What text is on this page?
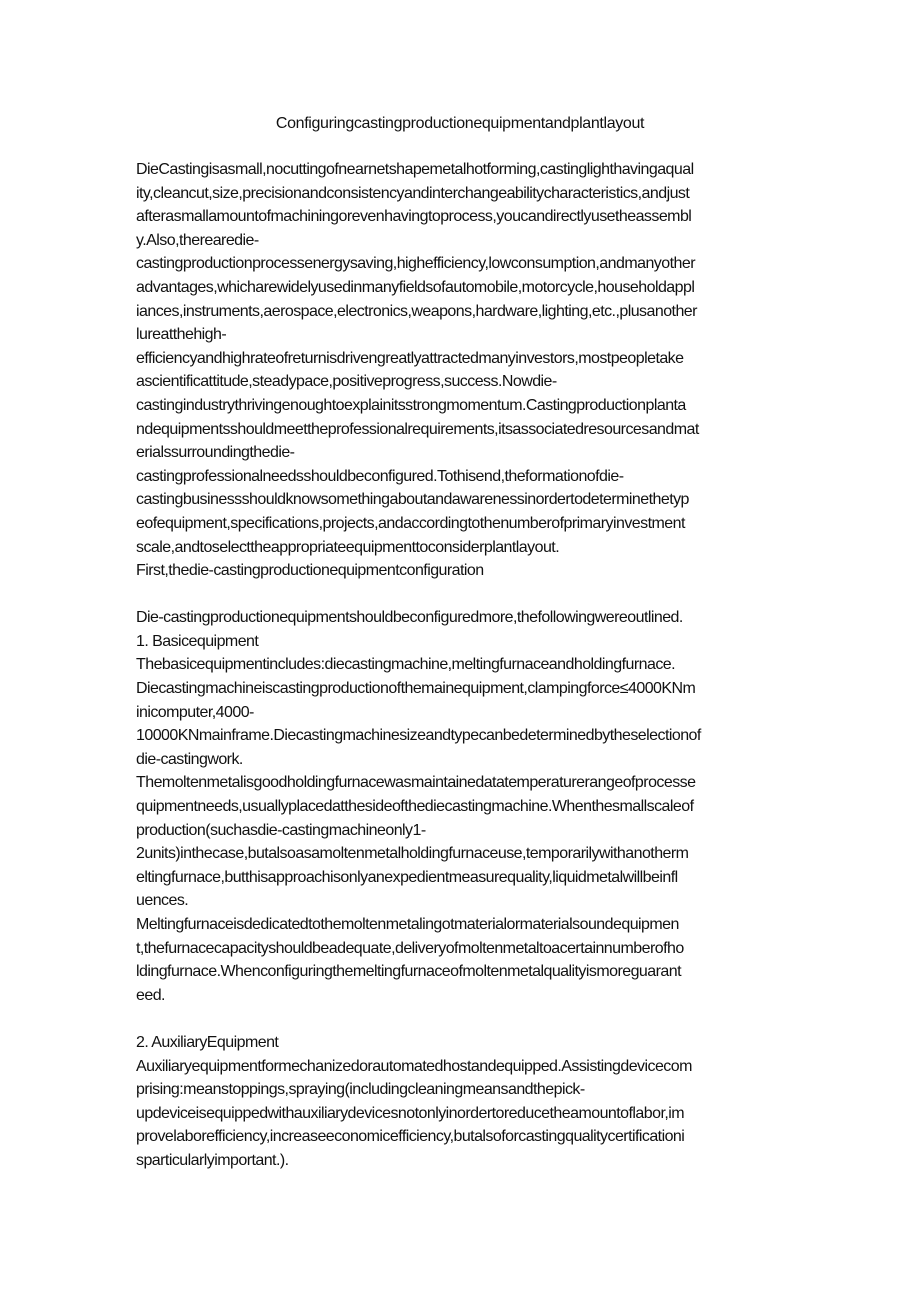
Configuringcastingproductionequipmentandplantlayout
DieCastingisasmall,nocuttingofnearnetshapemetalhotforming,castinglighthavingaqual
ity,cleancut,size,precisionandconsistencyandinterchangeabilitycharacteristics,andjust
afterasmallamountofmachiningorevenhavingtoprocess,youcandirectlyusetheassembl
y.Also,therearedie-
castingproductionprocessenergysaving,highefficiency,lowconsumption,andmanyother
advantages,whicharewidelyusedinmanyfieldsofautomobile,motorcycle,householdappl
iances,instruments,aerospace,electronics,weapons,hardware,lighting,etc.,plusanother
lureatthehigh-
efficiencyandhighrateofreturnisdrivengreatlyattractedmanyinvestors,mostpeopletake
ascientificattitude,steadypace,positiveprogress,success.Nowdie-
castingindustrythrivingenoughtoexplainitsstrongmomentum.Castingproductionplanta
ndequipmentsshouldmeettheprofessionalrequirements,itsassociatedresourcesandmat
erialssurroundingthedie-
castingprofessionalneedsshouldbeconfigured.Tothisend,theformationofdie-
castingbusinessshouldknowsomethingaboutandawarenessinordertodeterminethetyp
eofequipment,specifications,projects,andaccordingtothenumberofprimaryinvestment
scale,andtoselecttheappropriateequipmenttoconsiderplantlayout.
First,thedie-castingproductionequipmentconfiguration
Die-castingproductionequipmentshouldbeconfiguredmore,thefollowingwereoutlined.
1. Basicequipment
Thebasicequipmentincludes:diecastingmachine,meltingfurnaceandholdingfurnace.
Diecastingmachineiscastingproductionofthemainequipment,clampingforce≤4000KNm
inicomputer,4000-
10000KNmainframe.Diecastingmachinesizeandtypecanbedeterminedbytheselectionof
die-castingwork.
Themoltenmetalisgoodholdingfurnacewasmaintainedatatemperaturerangeofprocesse
quipmentneeds,usuallyplacedatthesideofthediecastingmachine.Whenthesmallscaleof
production(suchasdie-castingmachineonly1-
2units)inthecase,butalsoasamoltenmetalholdingfurnaceuse,temporarilywithanotherm
eltingfurnace,butthisapproachisonlyanexpedientmeasurequality,liquidmetalwillbeinfl
uences.
Meltingfurnaceisdedicatedtothemoltenmetalingotmaterialormaterialsoundequipmen
t,thefurnacecapacityshouldbeadequate,deliveryofmoltenmetaltoacertainnumberofho
ldingfurnace.Whenconfiguringthemeltingfurnaceofmoltenmetalqualityismoreguarant
eed.
2. AuxiliaryEquipment
Auxiliaryequipmentformechanizedorautomatedhostandequipped.Assistingdevicecom
prising:meanstoppings,spraying(includingcleaningmeansandthepick-
updeviceisequippedwithauxiliarydevicesnotonlyinordertoreducetheamountoflabor,im
provelaborefficiency,increaseeconomicefficiency,butalsoforcastingqualitycertificationi
sparticularlyimportant.).
